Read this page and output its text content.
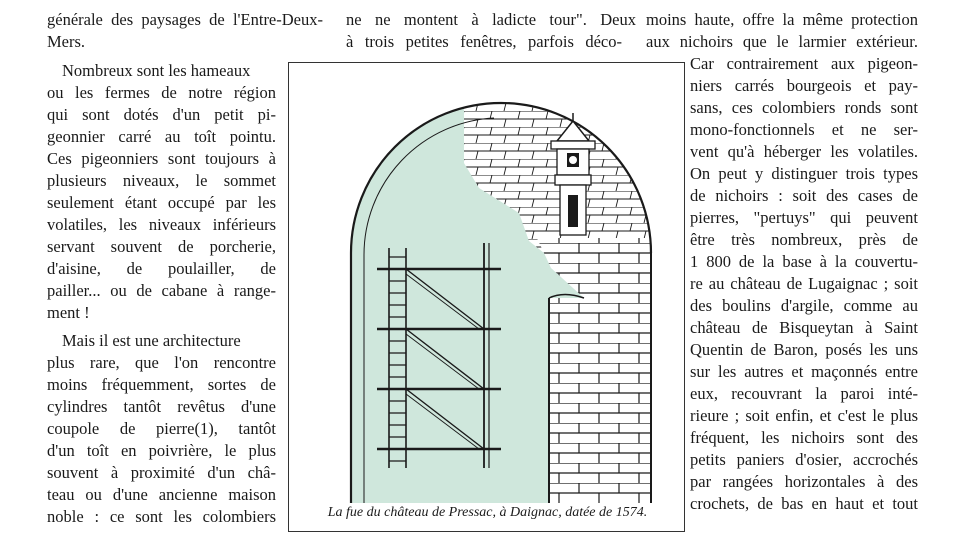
générale des paysages de l'Entre-Deux-
Mers.
Nombreux sont les hameaux
ou les fermes de notre région
qui sont dotés d'un petit pi-
geonnier carré au toît pointu.
Ces pigeonniers sont toujours à
plusieurs niveaux, le sommet
seulement étant occupé par les
volatiles, les niveaux inférieurs
servant souvent de porcherie,
d'aisine, de poulailler, de
pailler... ou de cabane à range-
ment !
Mais il est une architecture
plus rare, que l'on rencontre
moins fréquemment, sortes de
cylindres tantôt revêtus d'une
coupole de pierre(1), tantôt
d'un toît en poivrière, le plus
souvent à proximité d'un châ-
teau ou d'une ancienne maison
noble : ce sont les colombiers
ne ne montent à ladicte tour". Deux
à trois petites fenêtres, parfois déco-
moins haute, offre la même protection
aux nichoirs que le larmier extérieur.
Car contrairement aux pigeon-
niers carrés bourgeois et pay-
sans, ces colombiers ronds sont
mono-fonctionnels et ne ser-
vent qu'à héberger les volatiles.
On peut y distinguer trois types
de nichoirs : soit des cases de
pierres, "pertuys" qui peuvent
être très nombreux, près de
1 800 de la base à la couvertu-
re au château de Lugaignac ; soit
des boulins d'argile, comme au
château de Bisqueytan à Saint
Quentin de Baron, posés les uns
sur les autres et maçonnés entre
eux, recouvrant la paroi inté-
rieure ; soit enfin, et c'est le plus
fréquent, les nichoirs sont des
petits paniers d'osier, accrochés
par rangées horizontales à des
crochets, de bas en haut et tout
La fue du château de Pressac, à Daignac, datée de 1574.
